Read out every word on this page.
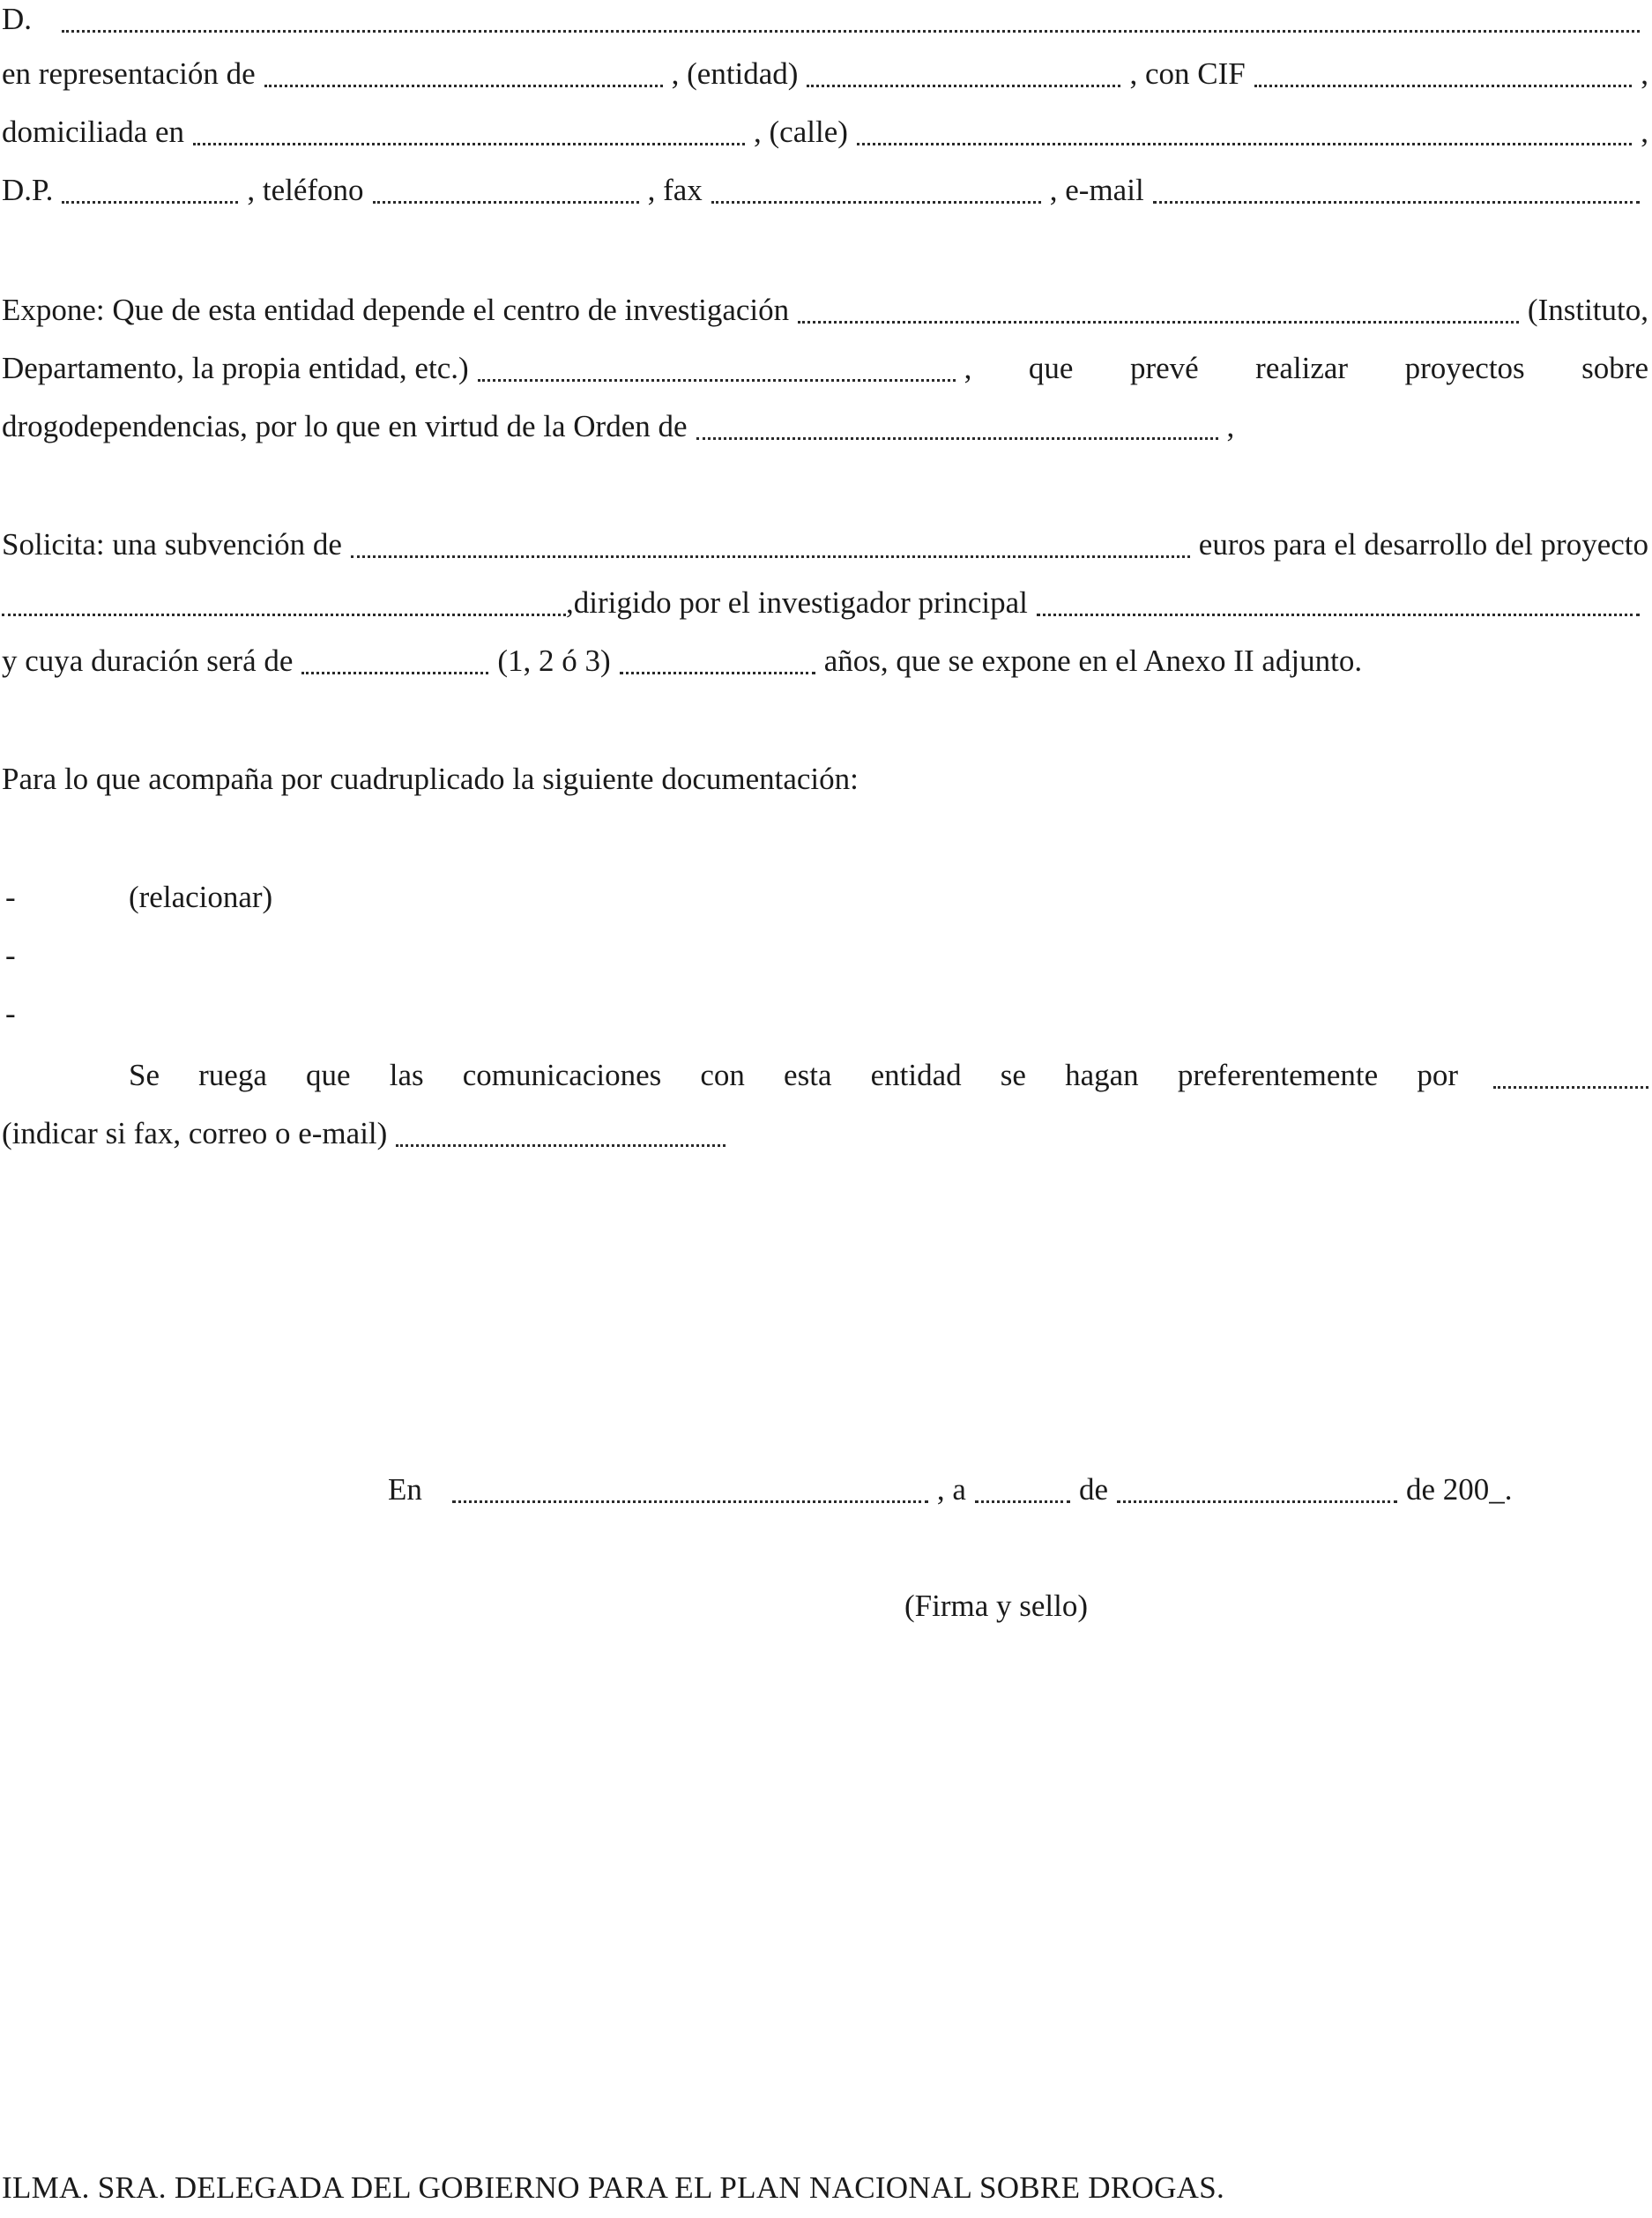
D.
en representación de	, (entidad)	, con CIF	,
domiciliada en	, (calle)	,
D.P.	, teléfono	, fax	, e-mail
Expone: Que de esta entidad depende el centro de investigación	(Instituto,
Departamento, la propia entidad, etc.)	, que prevé realizar proyectos sobre
drogodependencias, por lo que en virtud de la Orden de	,
Solicita: una subvención de	euros para el desarrollo del proyecto
,dirigido por el investigador principal
y cuya duración será de	(1, 2 ó 3)	años, que se expone en el Anexo II adjunto.
Para lo que acompaña por cuadruplicado la siguiente documentación:
-	(relacionar)
-
-
Se ruega que las comunicaciones con esta entidad se hagan preferentemente por
(indicar si fax, correo o e-mail)
En	, a	de	de 200_.
(Firma y sello)
ILMA. SRA. DELEGADA DEL GOBIERNO PARA EL PLAN NACIONAL SOBRE DROGAS.
